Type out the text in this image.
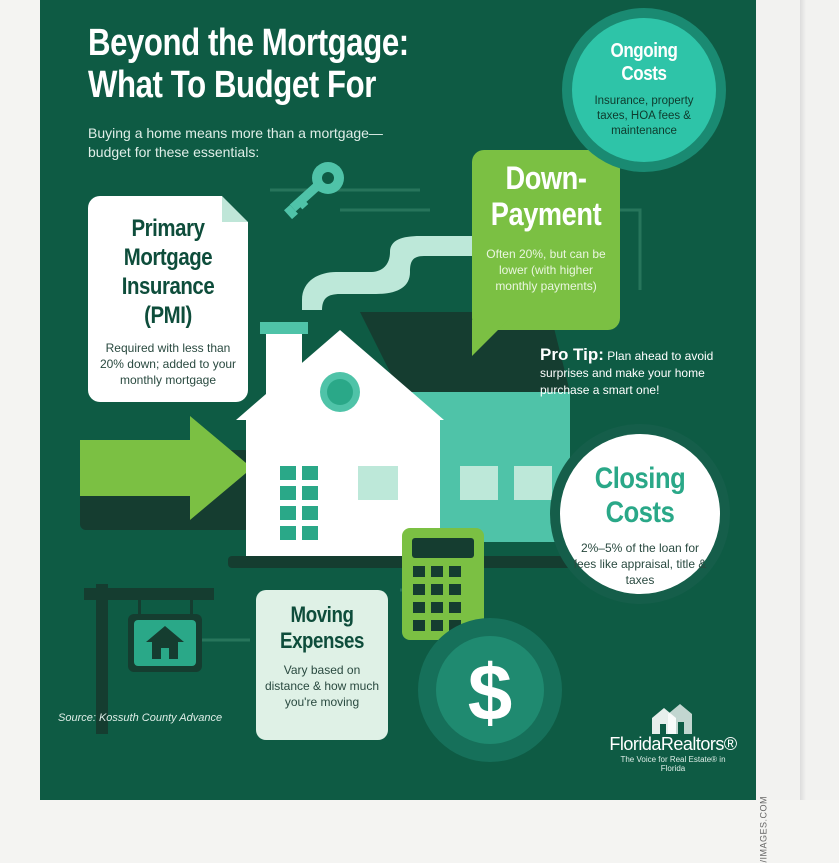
$
Beyond the Mortgage:
What To Budget For
Buying a home means more than a mortgage—budget for these essentials:
Primary
Mortgage
Insurance
(PMI)

Required with less than 20% down; added to your monthly mortgage

Down-
Payment

Often 20%, but can be lower (with higher monthly payments)

Ongoing
Costs

Insurance, property taxes, HOA fees & maintenance

Pro Tip: Plan ahead to avoid surprises and make your home purchase a smart one!
Closing
Costs

2%–5% of the loan for fees like appraisal, title & taxes

Moving
Expenses

Vary based on distance & how much you're moving

Source: Kossuth County Advance
FloridaRealtors®
The Voice for Real Estate® in Florida
/IMAGES.COM
